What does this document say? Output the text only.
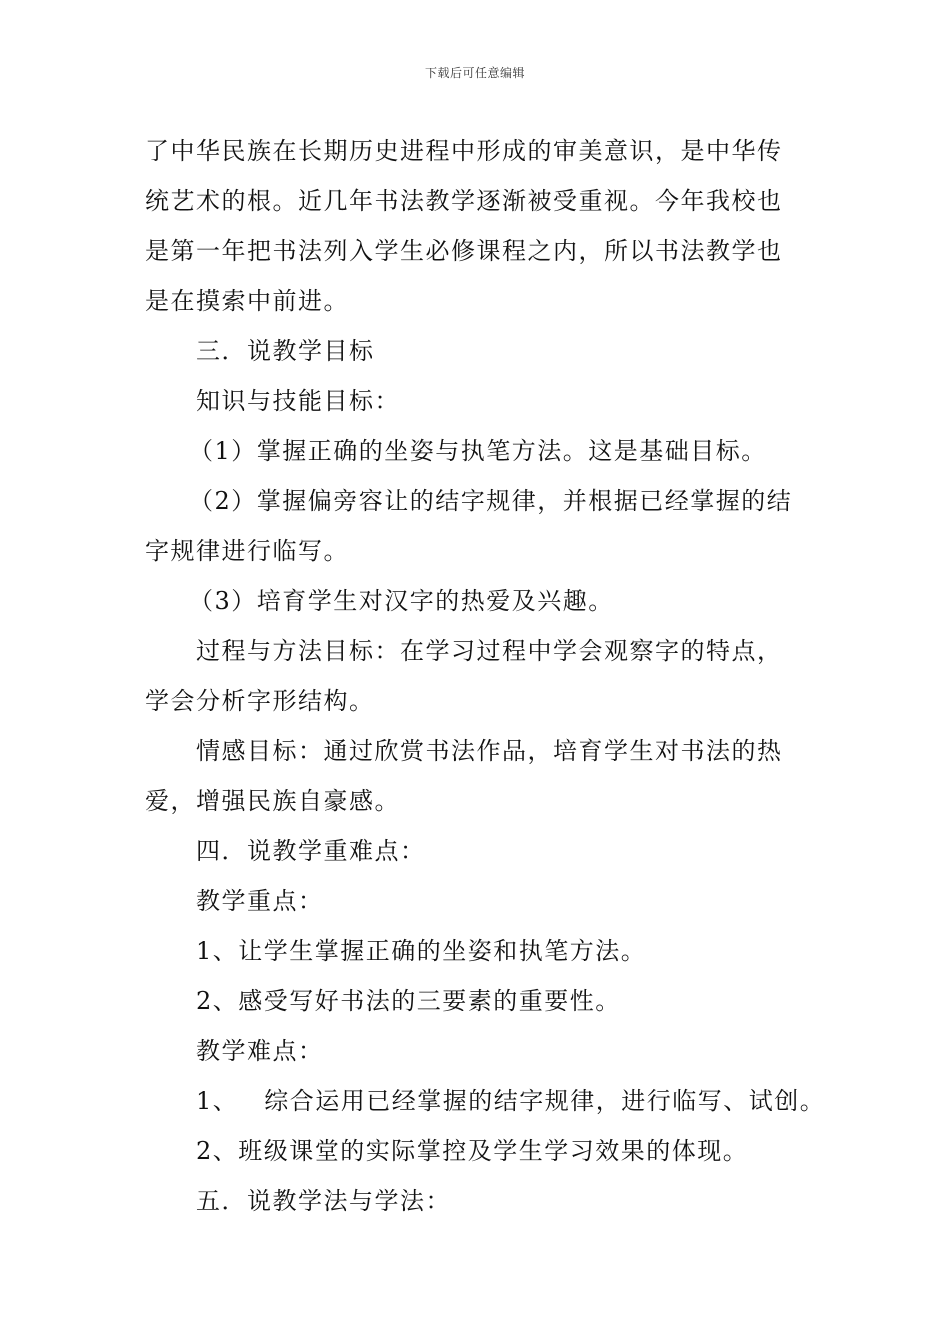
下载后可任意编辑
了中华民族在长期历史进程中形成的审美意识，是中华传
统艺术的根。近几年书法教学逐渐被受重视。今年我校也
是第一年把书法列入学生必修课程之内，所以书法教学也
是在摸索中前进。
三．说教学目标
知识与技能目标：
（1）掌握正确的坐姿与执笔方法。这是基础目标。
（2）掌握偏旁容让的结字规律，并根据已经掌握的结
字规律进行临写。
（3）培育学生对汉字的热爱及兴趣。
过程与方法目标：在学习过程中学会观察字的特点，
学会分析字形结构。
情感目标：通过欣赏书法作品，培育学生对书法的热
爱，增强民族自豪感。
四．说教学重难点：
教学重点：
1、让学生掌握正确的坐姿和执笔方法。
2、感受写好书法的三要素的重要性。
教学难点：
1、 综合运用已经掌握的结字规律，进行临写、试创。
2、班级课堂的实际掌控及学生学习效果的体现。
五．说教学法与学法：
